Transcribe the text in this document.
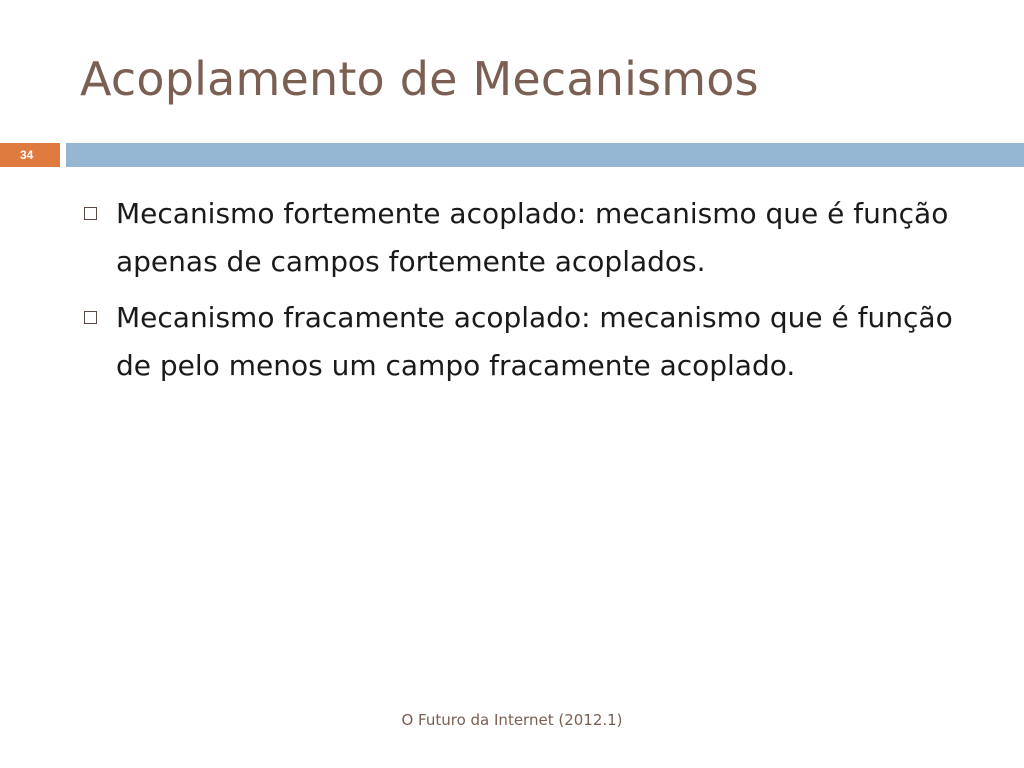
Acoplamento de Mecanismos
34
Mecanismo fortemente acoplado: mecanismo que é função apenas de campos fortemente acoplados.
Mecanismo fracamente acoplado: mecanismo que é função de pelo menos um campo fracamente acoplado.
O Futuro da Internet (2012.1)
